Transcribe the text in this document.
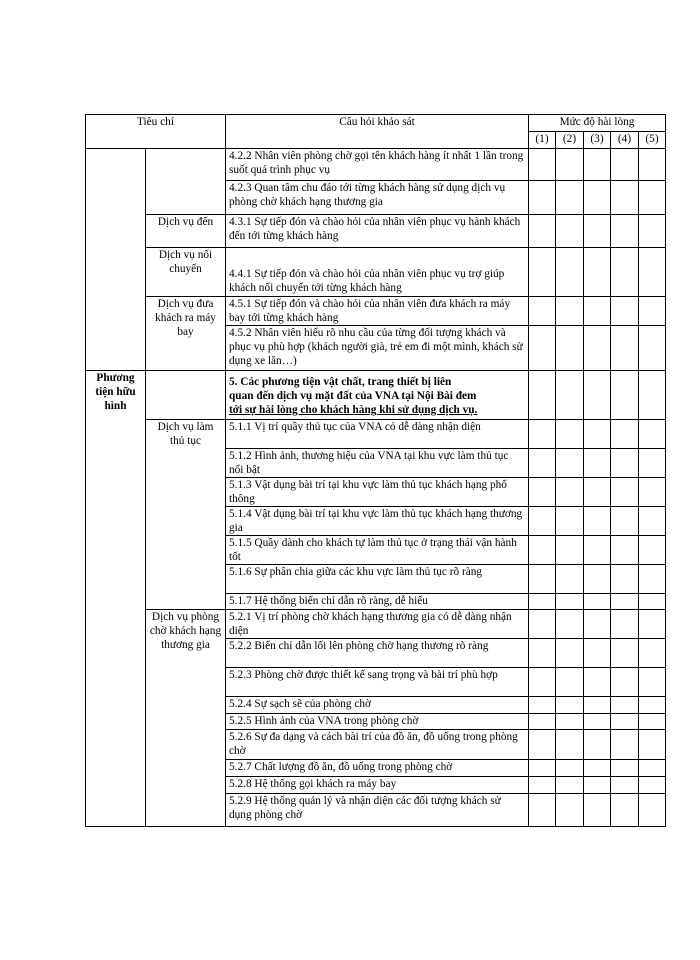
Tiêu chí		Câu hỏi khảo sát	Mức độ hài lòng				
			(1)	(2)	(3)	(4)	(5)
		4.2.2 Nhân viên phòng chờ gọi tên khách hàng ít nhất 1 lần trong suốt quá trình phục vụ					
		4.2.3 Quan tâm chu đáo tới từng khách hàng sử dụng dịch vụ phòng chờ khách hạng thương gia					
	Dịch vụ đến	4.3.1 Sự tiếp đón và chào hỏi của nhân viên phục vụ hành khách đến tới từng khách hàng					
	Dịch vụ nối chuyến	4.4.1 Sự tiếp đón và chào hỏi của nhân viên phục vụ trợ giúp khách nối chuyến tới từng khách hàng					
	Dịch vụ đưa khách ra máy bay	4.5.1 Sự tiếp đón và chào hỏi của nhân viên đưa khách ra máy bay tới từng khách hàng					
		4.5.2 Nhân viên hiểu rõ nhu cầu của từng đối tượng khách và phục vụ phù hợp (khách người già, trẻ em đi một mình, khách sử dụng xe lăn…)					
Phương tiện hữu hình		5. Các phương tiện vật chất, trang thiết bị liên
quan đến dịch vụ mặt đất của VNA tại Nội Bài đem
tới sự hài lòng cho khách hàng khi sử dụng dịch vụ.					

	Dịch vụ làm thủ tục	5.1.1 Vị trí quầy thủ tục của VNA có dễ dàng nhận diện					
		5.1.2 Hình ảnh, thương hiệu của VNA tại khu vực làm thủ tục nổi bật					
		5.1.3 Vật dụng bài trí tại khu vực làm thủ tục khách hạng phổ thông					
		5.1.4 Vật dụng bài trí tại khu vực làm thủ tục khách hạng thương gia					
		5.1.5 Quầy dành cho khách tự làm thủ tục ở trạng thái vận hành tốt					
		5.1.6 Sự phân chia giữa các khu vực làm thủ tục rõ ràng					
		5.1.7 Hệ thống biển chỉ dẫn rõ ràng, dễ hiểu					
	Dịch vụ phòng chờ khách hạng thương gia	5.2.1 Vị trí phòng chờ khách hạng thương gia có dễ dàng nhận diện					
		5.2.2 Biển chỉ dẫn lối lên phòng chờ hạng thương rõ ràng					
		5.2.3 Phòng chờ được thiết kế sang trọng và bài trí phù hợp					
		5.2.4 Sự sạch sẽ của phòng chờ					
		5.2.5 Hình ảnh của VNA trong phòng chờ					
		5.2.6 Sự đa dạng và cách bài trí của đồ ăn, đồ uống trong phòng chờ					
		5.2.7 Chất lượng đồ ăn, đồ uống trong phòng chờ					
		5.2.8 Hệ thống gọi khách ra máy bay					
		5.2.9 Hệ thống quản lý và nhận diện các đối tượng khách sử dụng phòng chờ					
